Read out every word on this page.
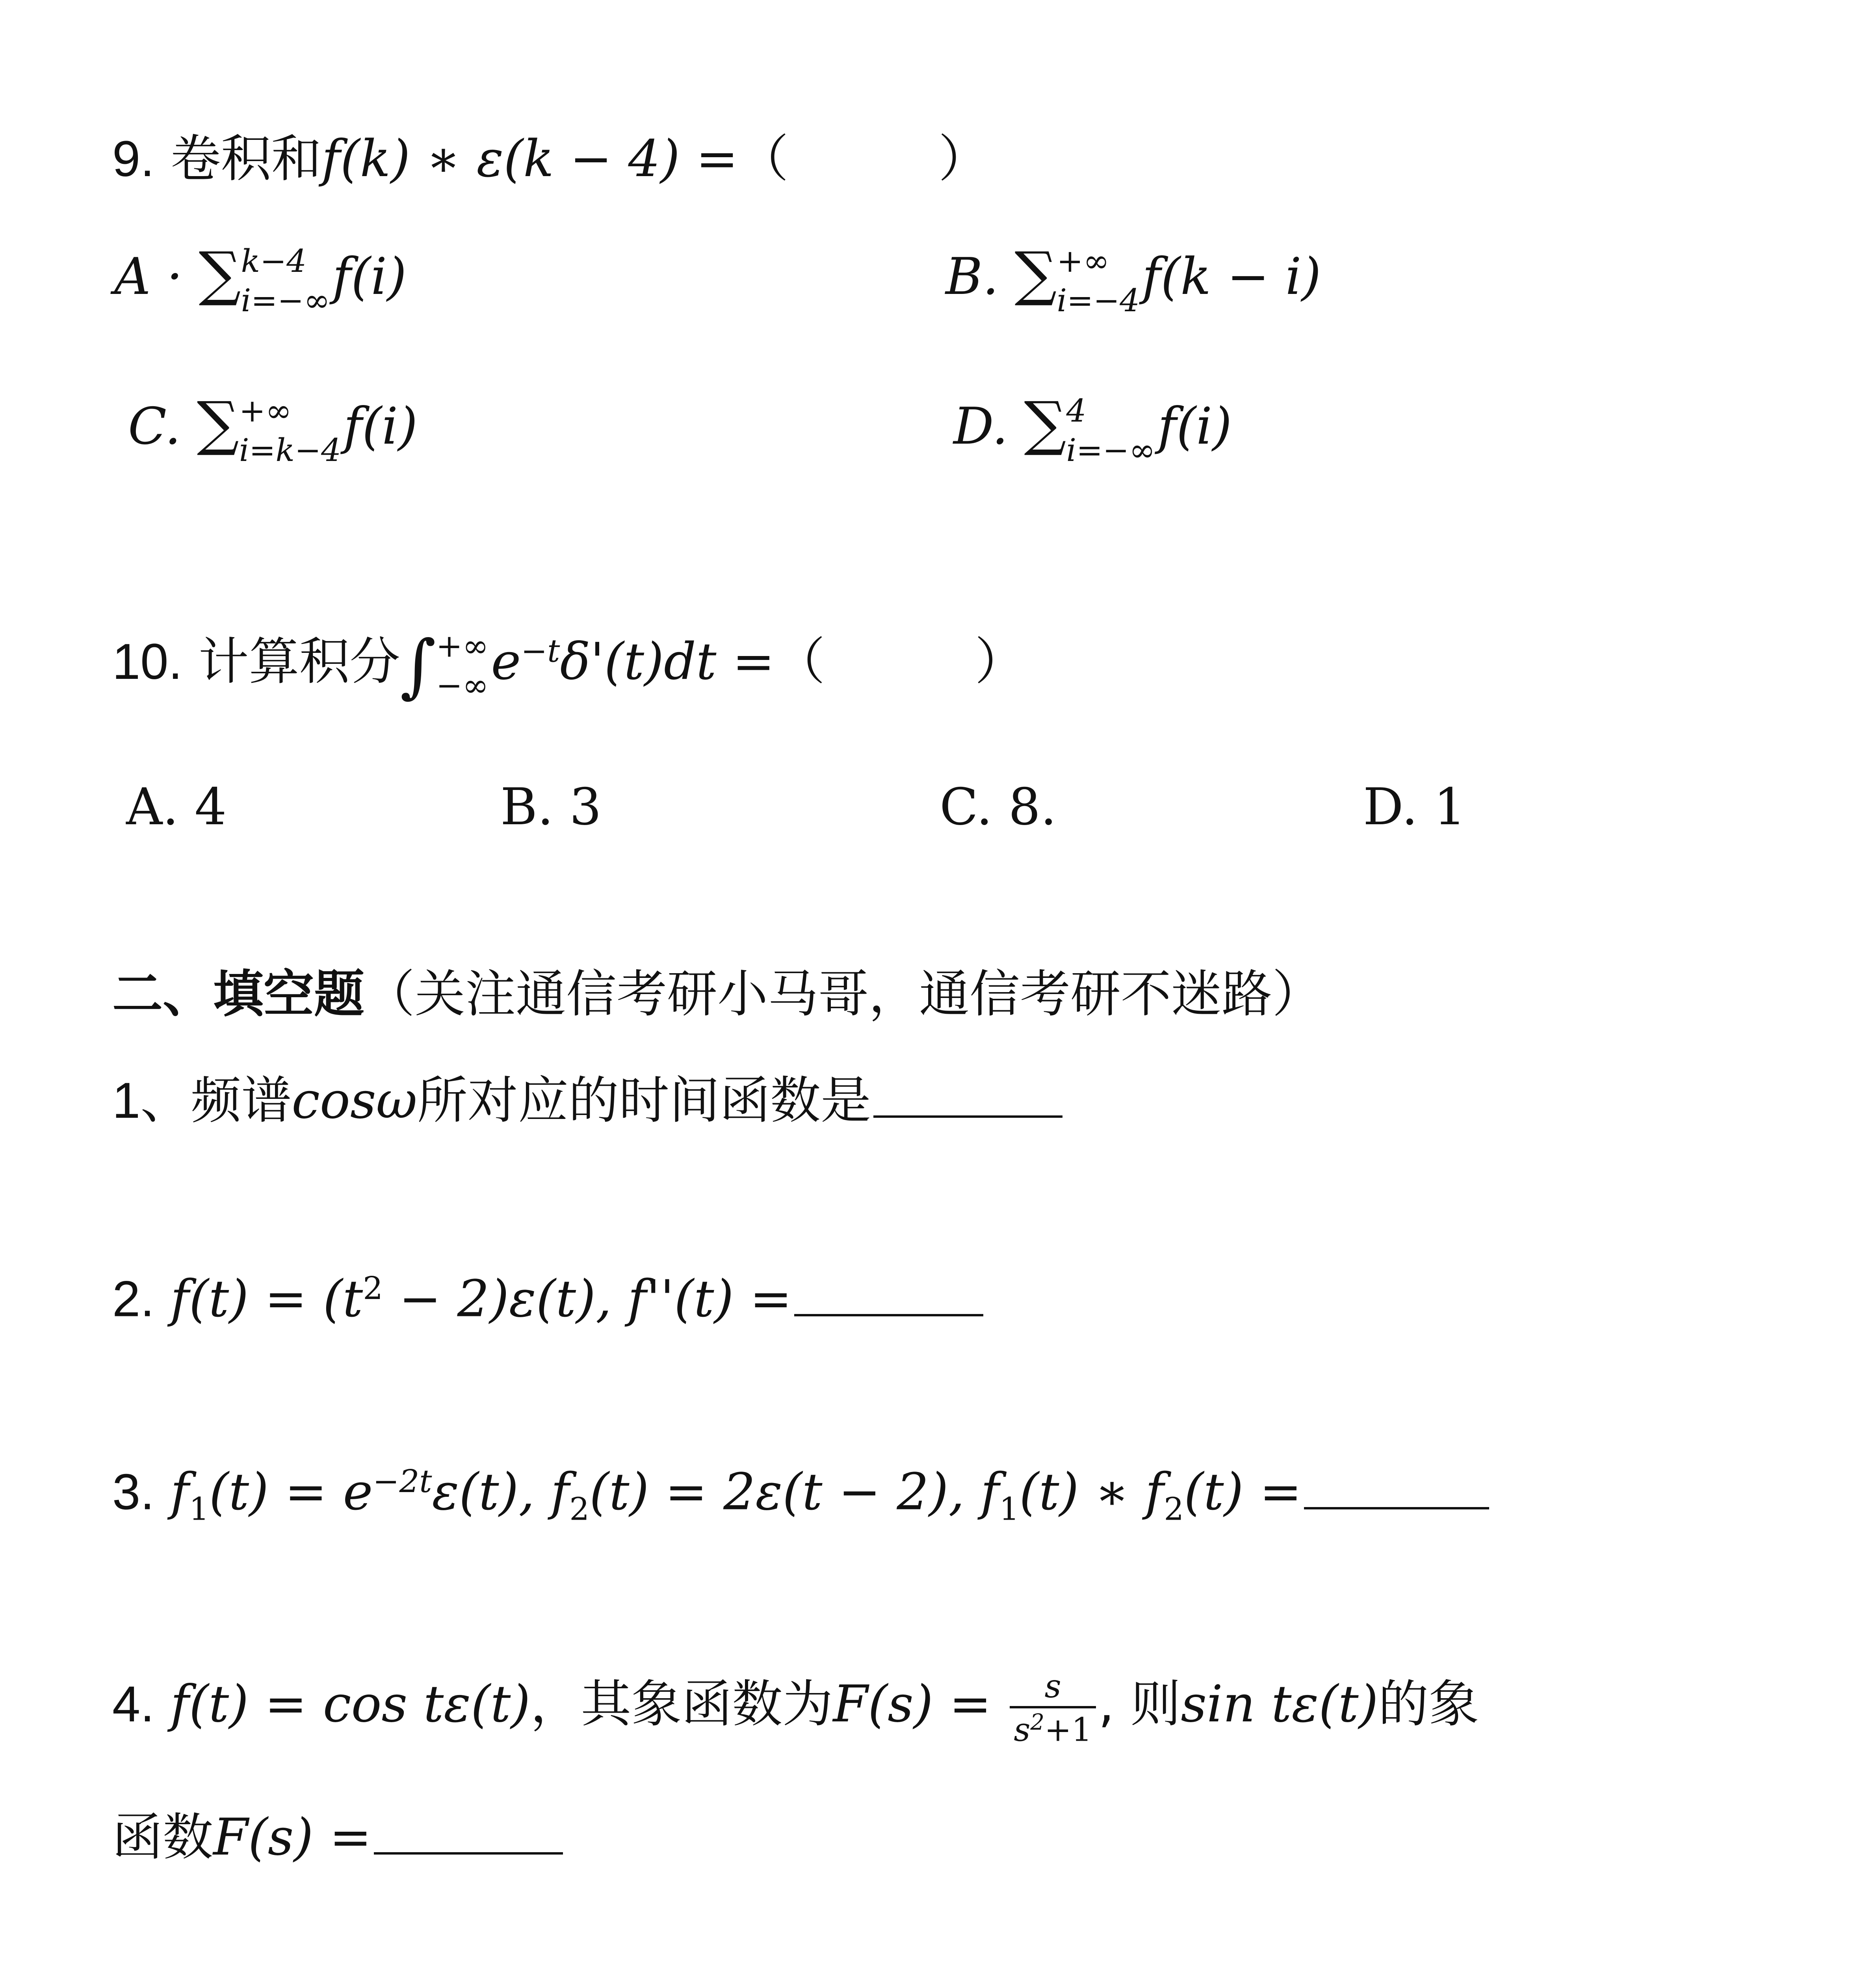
9. 卷积和f(k) ∗ ε(k − 4) =（	）
A · ∑ k−4
i=−∞ f(i)	B. ∑ +∞
i=−4 f(k − i)
C. ∑ +∞
i=k−4 f(i)	D. ∑ 4
i=−∞ f(i)
10. 计算积分∫ +∞
−∞ $e^{-t}\delta'(t)dt$ =（	）
A. 4	B. 3	C. 8.	D. 1
二、填空题（关注通信考研小马哥，通信考研不迷路）
1、频谱cosω所对应的时间函数是
2. $f(t) = (t^2 - 2)\varepsilon(t)$, f''(t) =
3. $f_1(t) = e^{-2t}\varepsilon(t)$, $f_2(t) = 2\varepsilon(t - 2)$, $f_1(t)$ ∗ $f_2(t)$ =
4. f(t) = cos tε(t)，其象函数为$F(s) = \frac{s}{s^2+1}$ , 则sin tε(t)的象
函数F(s) =
